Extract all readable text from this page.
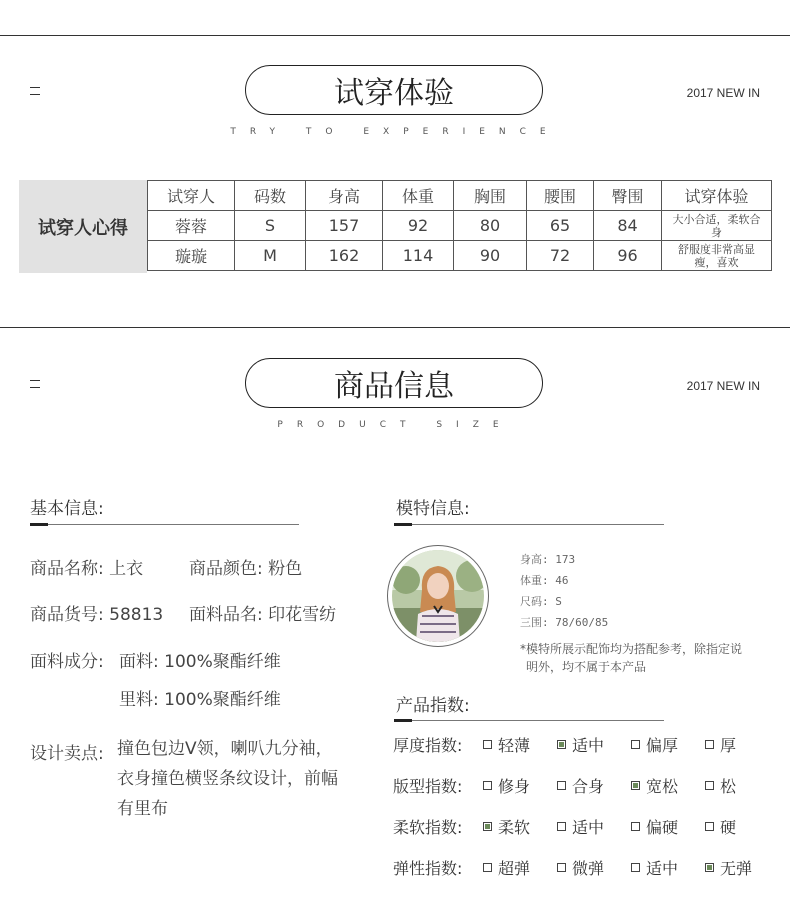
试穿体验
TRY TO EXPERIENCE
2017 NEW IN
试穿人心得
试穿人	码数	身高	体重	胸围	腰围	臀围	试穿体验
蓉蓉	S	157	92	80	65	84	大小合适，柔软合身
璇璇	M	162	114	90	72	96	舒服度非常高显瘦，喜欢
商品信息
PRODUCT SIZE
2017 NEW IN
基本信息:
商品名称: 上衣	商品颜色: 粉色
商品货号: 58813 面料品名: 印花雪纺
面料成分: 面料: 100%聚酯纤维
里料: 100%聚酯纤维
设计卖点: 撞色包边V领，喇叭九分袖，
衣身撞色横竖条纹设计，前幅
有里布
模特信息:
身高: 173
体重: 46
尺码: S
三围: 78/60/85
*模特所展示配饰均为搭配参考，除指定说
明外，均不属于本产品
产品指数:
厚度指数:	轻薄	适中	偏厚	厚
版型指数:	修身	合身	宽松	松
柔软指数:	柔软	适中	偏硬	硬
弹性指数:	超弹	微弹	适中	无弹
